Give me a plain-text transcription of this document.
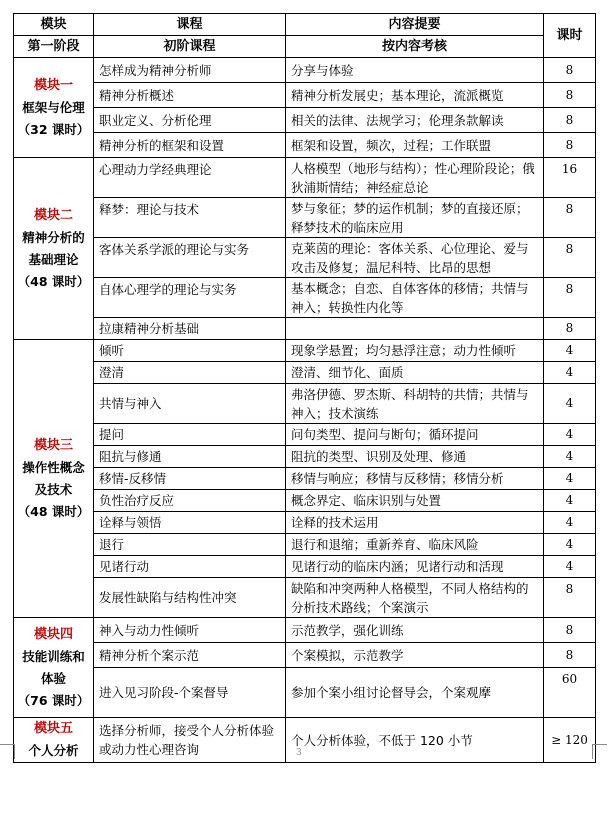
模块	课程	内容提要	课时
第一阶段	初阶课程	按内容考核	

模块一
框架与伦理
（32 课时）	怎样成为精神分析师	分享与体验	8
	精神分析概述	精神分析发展史；基本理论，流派概览	8
	职业定义、分析伦理	相关的法律、法规学习；伦理条款解读	8
	精神分析的框架和设置	框架和设置，频次，过程；工作联盟	8

模块二
精神分析的
基础理论
（48 课时）	心理动力学经典理论	人格模型（地形与结构）；性心理阶段论；俄狄浦斯情结；神经症总论	16
	释梦：理论与技术	梦与象征；梦的运作机制；梦的直接还原；释梦技术的临床应用	8
	客体关系学派的理论与实务	克莱茵的理论：客体关系、心位理论、爱与攻击及修复；温尼科特、比昂的思想	8
	自体心理学的理论与实务	基本概念；自恋、自体客体的移情；共情与神入；转换性内化等	8
	拉康精神分析基础		8

模块三
操作性概念
及技术
（48 课时）	倾听	现象学悬置；均匀悬浮注意；动力性倾听	4
	澄清	澄清、细节化、面质	4
	共情与神入	弗洛伊德、罗杰斯、科胡特的共情；共情与神入；技术演练	4
	提问	问句类型、提问与断句；循环提问	4
	阻抗与修通	阻抗的类型、识别及处理、修通	4
	移情-反移情	移情与响应；移情与反移情；移情分析	4
	负性治疗反应	概念界定、临床识别与处置	4
	诠释与领悟	诠释的技术运用	4
	退行	退行和退缩；重新养育、临床风险	4
	见诸行动	见诸行动的临床内涵；见诸行动和活现	4
	发展性缺陷与结构性冲突	缺陷和冲突两种人格模型，不同人格结构的分析技术路线；个案演示	8

模块四
技能训练和
体验
（76 课时）	神入与动力性倾听	示范教学，强化训练	8
	精神分析个案示范	个案模拟，示范教学	8
	进入见习阶段-个案督导	参加个案小组讨论督导会，个案观摩	60

模块五
个人分析	选择分析师，接受个人分析体验或动力性心理咨询	个人分析体验，不低于 120 小节	≥ 120
3
